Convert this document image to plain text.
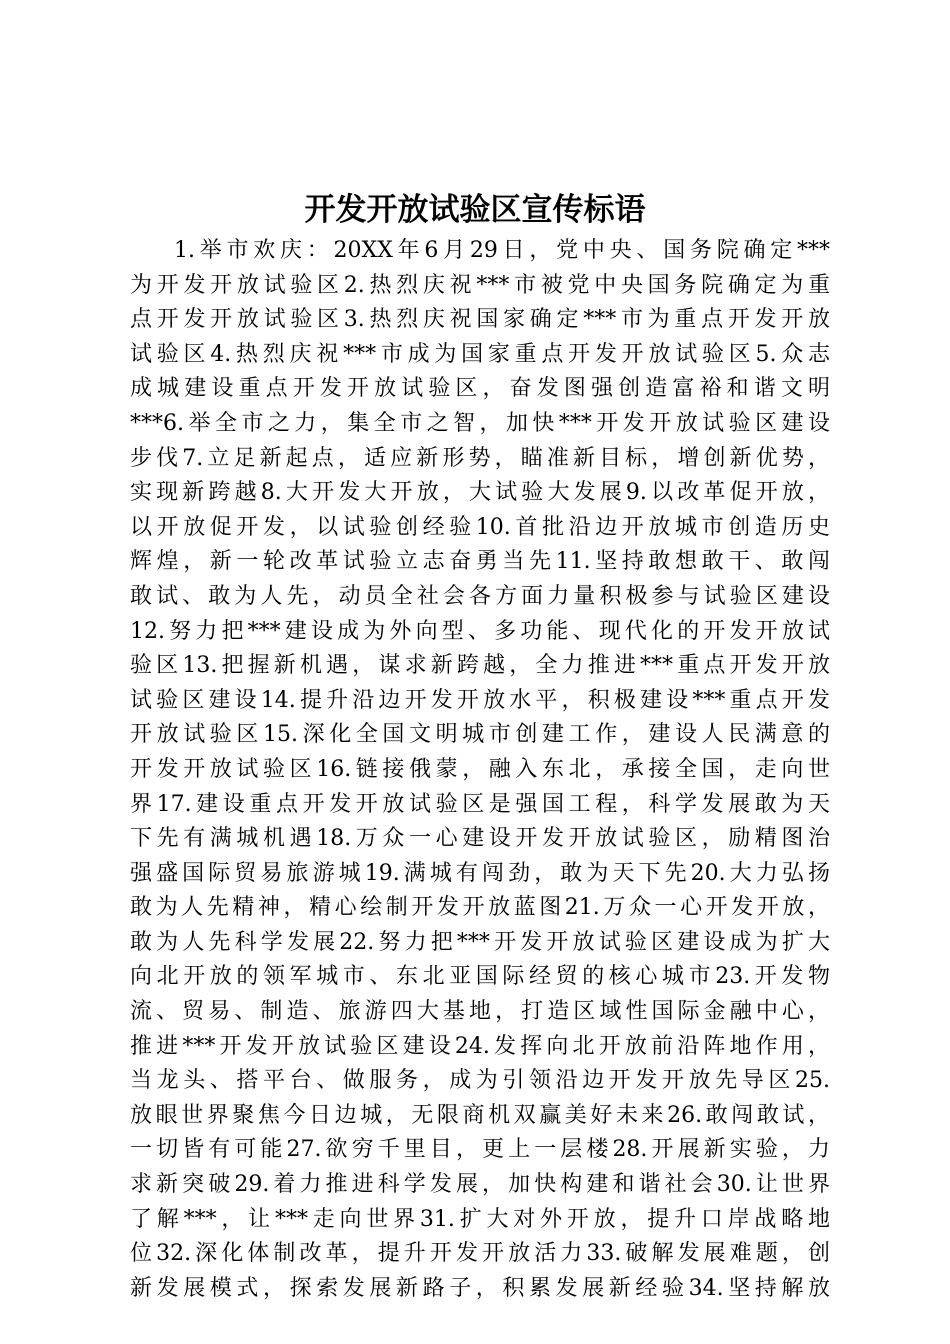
开发开放试验区宣传标语
1.举市欢庆：20XX年6月29日，党中央、国务院确定***
为开发开放试验区2.热烈庆祝***市被党中央国务院确定为重
点开发开放试验区3.热烈庆祝国家确定***市为重点开发开放
试验区4.热烈庆祝***市成为国家重点开发开放试验区5.众志
成城建设重点开发开放试验区，奋发图强创造富裕和谐文明
***6.举全市之力，集全市之智，加快***开发开放试验区建设
步伐7.立足新起点，适应新形势，瞄准新目标，增创新优势，
实现新跨越8.大开发大开放，大试验大发展9.以改革促开放，
以开放促开发，以试验创经验10.首批沿边开放城市创造历史
辉煌，新一轮改革试验立志奋勇当先11.坚持敢想敢干、敢闯
敢试、敢为人先，动员全社会各方面力量积极参与试验区建设
12.努力把***建设成为外向型、多功能、现代化的开发开放试
验区13.把握新机遇，谋求新跨越，全力推进***重点开发开放
试验区建设14.提升沿边开发开放水平，积极建设***重点开发
开放试验区15.深化全国文明城市创建工作，建设人民满意的
开发开放试验区16.链接俄蒙，融入东北，承接全国，走向世
界17.建设重点开发开放试验区是强国工程，科学发展敢为天
下先有满城机遇18.万众一心建设开发开放试验区，励精图治
强盛国际贸易旅游城19.满城有闯劲，敢为天下先20.大力弘扬
敢为人先精神，精心绘制开发开放蓝图21.万众一心开发开放，
敢为人先科学发展22.努力把***开发开放试验区建设成为扩大
向北开放的领军城市、东北亚国际经贸的核心城市23.开发物
流、贸易、制造、旅游四大基地，打造区域性国际金融中心，
推进***开发开放试验区建设24.发挥向北开放前沿阵地作用，
当龙头、搭平台、做服务，成为引领沿边开发开放先导区25.
放眼世界聚焦今日边城，无限商机双赢美好未来26.敢闯敢试，
一切皆有可能27.欲穷千里目，更上一层楼28.开展新实验，力
求新突破29.着力推进科学发展，加快构建和谐社会30.让世界
了解***，让***走向世界31.扩大对外开放，提升口岸战略地
位32.深化体制改革，提升开发开放活力33.破解发展难题，创
新发展模式，探索发展新路子，积累发展新经验34.坚持解放
